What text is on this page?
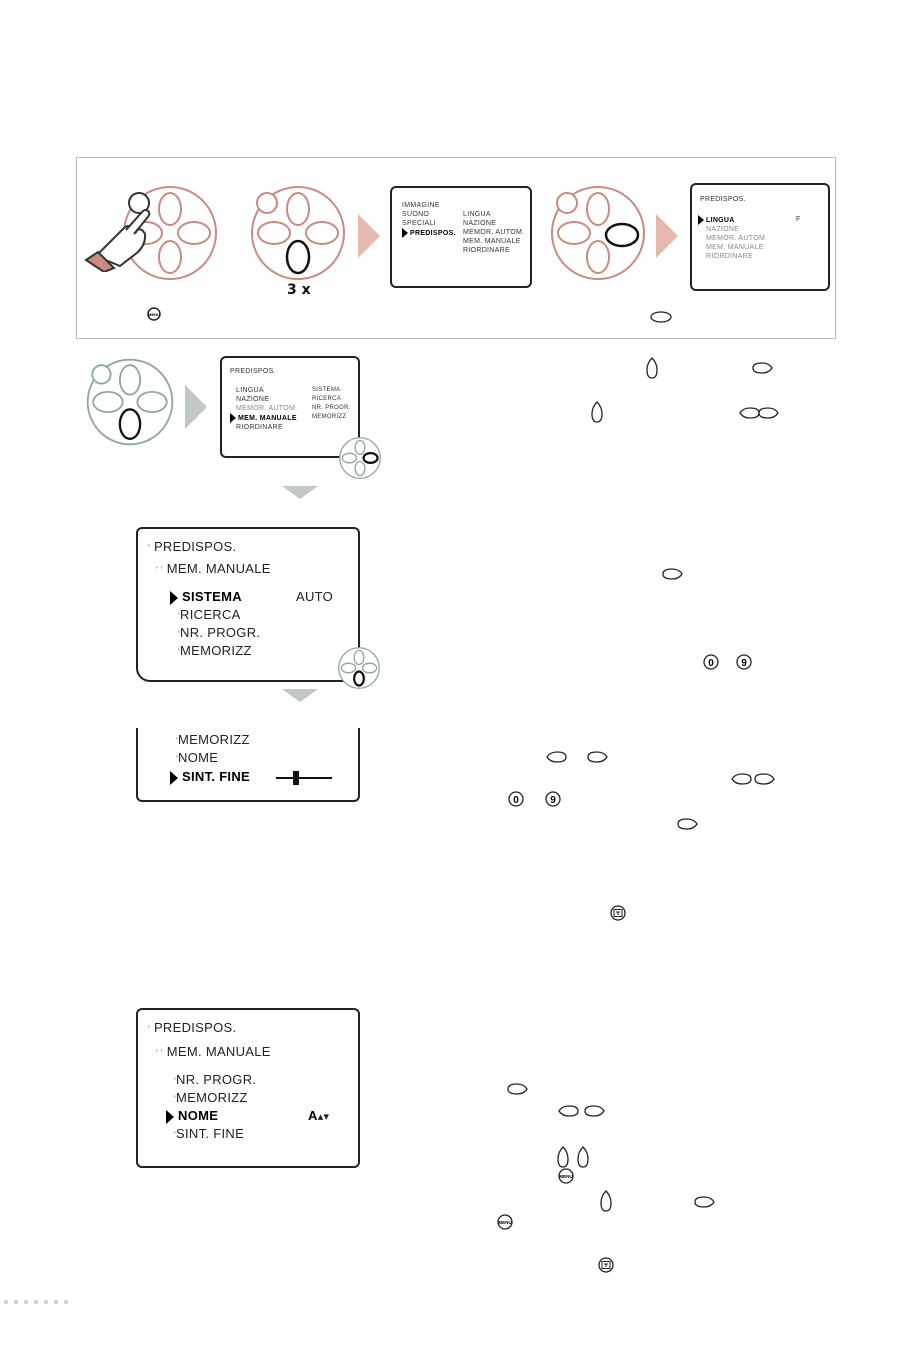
MENU
3 x
IMMAGINE
SUONO
SPECIALI
PREDISPOS.
LINGUA
NAZIONE
MEMOR. AUTOM.
MEM. MANUALE
RIORDINARE
PREDISPOS.
LINGUA
NAZIONE
MEMOR. AUTOM.
MEM. MANUALE
RIORDINARE
F
PREDISPOS.
LINGUA
NAZIONE
MEMOR. AUTOM.
MEM. MANUALE
RIORDINARE
SISTEMA
RICERCA
NR. PROGR.
MEMORIZZ
' PREDISPOS.
' ' MEM. MANUALE
SISTEMA	AUTO
'RICERCA
'NR. PROGR.
'MEMORIZZ
'MEMORIZZ
'NOME
SINT. FINE
' PREDISPOS.
' ' MEM. MANUALE
'NR. PROGR.
'MEMORIZZ
NOME	A▴▾
'SINT. FINE
0	9
0	9
MENU
MENU
